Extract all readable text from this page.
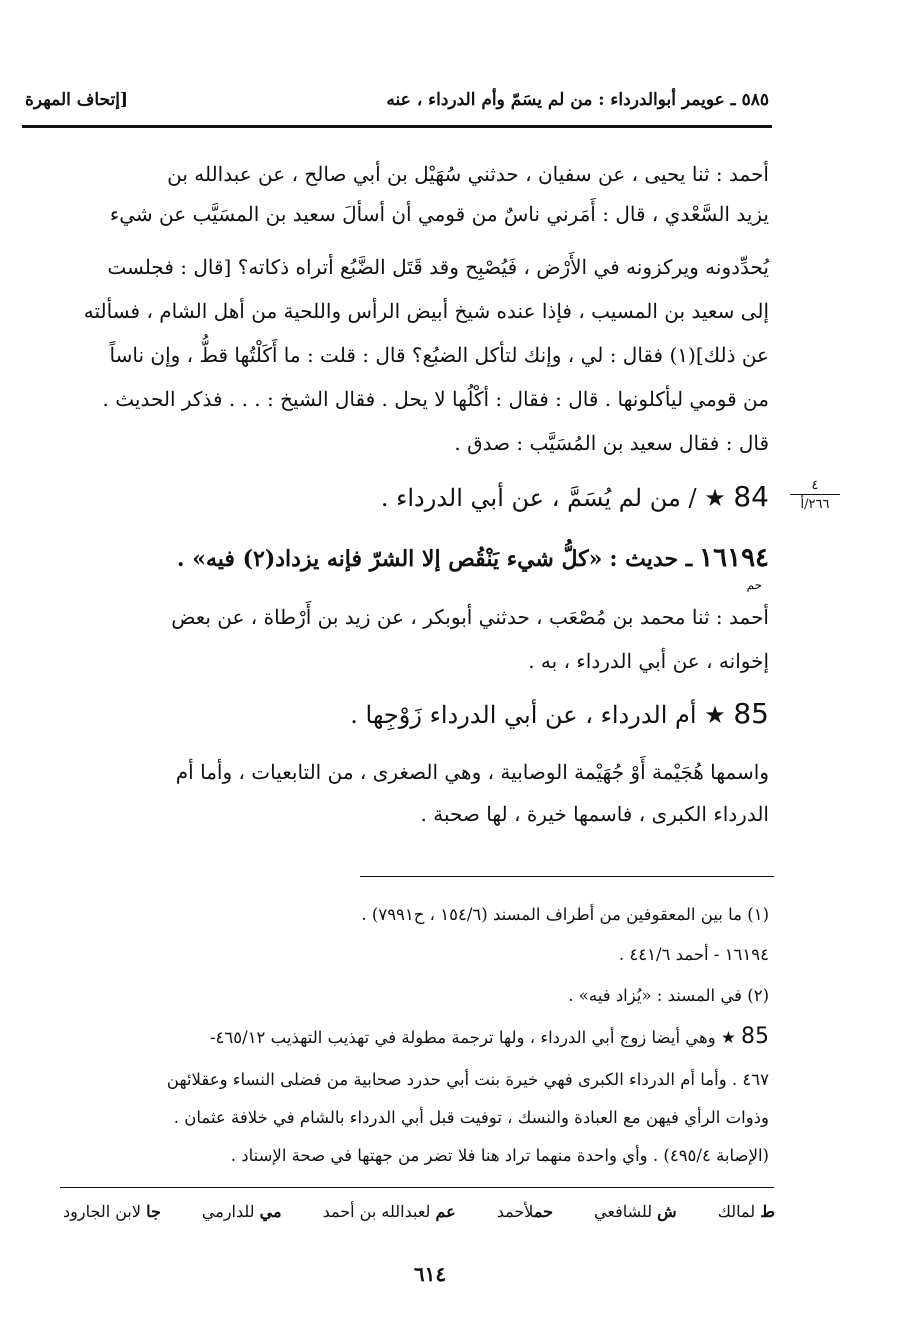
٥٨٥ ـ عويمر أبوالدرداء : من لم يسَمّ وأم الدرداء ، عنه
[إتحاف المهرة
أحمد : ثنا يحيى ، عن سفيان ، حدثني سُهَيْل بن أبي صالح ، عن عبدالله بن
يزيد السَّعْدي ، قال : أَمَرني ناسٌ من قومي أن أسألَ سعيد بن المسَيَّب عن شيء
يُحدِّدونه ويركزونه في الأَرْض ، فَيُصْبِح وقد قَتَل الضَّبُع أتراه ذكاته؟ [قال : فجلست
إلى سعيد بن المسيب ، فإذا عنده شيخ أبيض الرأس واللحية من أهل الشام ، فسألته
عن ذلك](١) فقال : لي ، وإنك لتأكل الضبُع؟ قال : قلت : ما أَكَلْتُها قطُّ ، وإن ناساً
من قومي ليأكلونها . قال : فقال : أكْلُها لا يحل . فقال الشيخ : . . . فذكر الحديث .
قال : فقال سعيد بن المُسَيَّب : صدق .
84 ★ / من لم يُسَمَّ ، عن أبي الدرداء .	٤
٢٦٦/أ
١٦١٩٤ ـ حديث : «كلُّ شيء يَنْقُص إلا الشرّ فإنه يزداد(٢) فيه» .
حم
أحمد : ثنا محمد بن مُصْعَب ، حدثني أبوبكر ، عن زيد بن أَرْطاة ، عن بعض
إخوانه ، عن أبي الدرداء ، به .
85 ★ أم الدرداء ، عن أبي الدرداء زَوْجِها .
واسمها هُجَيْمة أَوْ جُهَيْمة الوصابية ، وهي الصغرى ، من التابعيات ، وأما أم
الدرداء الكبرى ، فاسمها خيرة ، لها صحبة .
(١) ما بين المعقوفين من أطراف المسند (١٥٤/٦ ، ح٧٩٩١) .
١٦١٩٤ - أحمد ٤٤١/٦ .
(٢) في المسند : «يُزاد فيه» .
85 ★ وهي أيضا زوج أبي الدرداء ، ولها ترجمة مطولة في تهذيب التهذيب ٤٦٥/١٢-
٤٦٧ . وأما أم الدرداء الكبرى فهي خيرة بنت أبي حدرد صحابية من فضلى النساء وعقلائهن
وذوات الرأي فيهن مع العبادة والنسك ، توفيت قبل أبي الدرداء بالشام في خلافة عثمان .
(الإصابة ٤٩٥/٤) . وأي واحدة منهما تراد هنا فلا تضر من جهتها في صحة الإسناد .
ط لمالك
ش للشافعي
حملأحمد
عم لعبدالله بن أحمد
مي للدارمي
جا لابن الجارود
٦١٤
